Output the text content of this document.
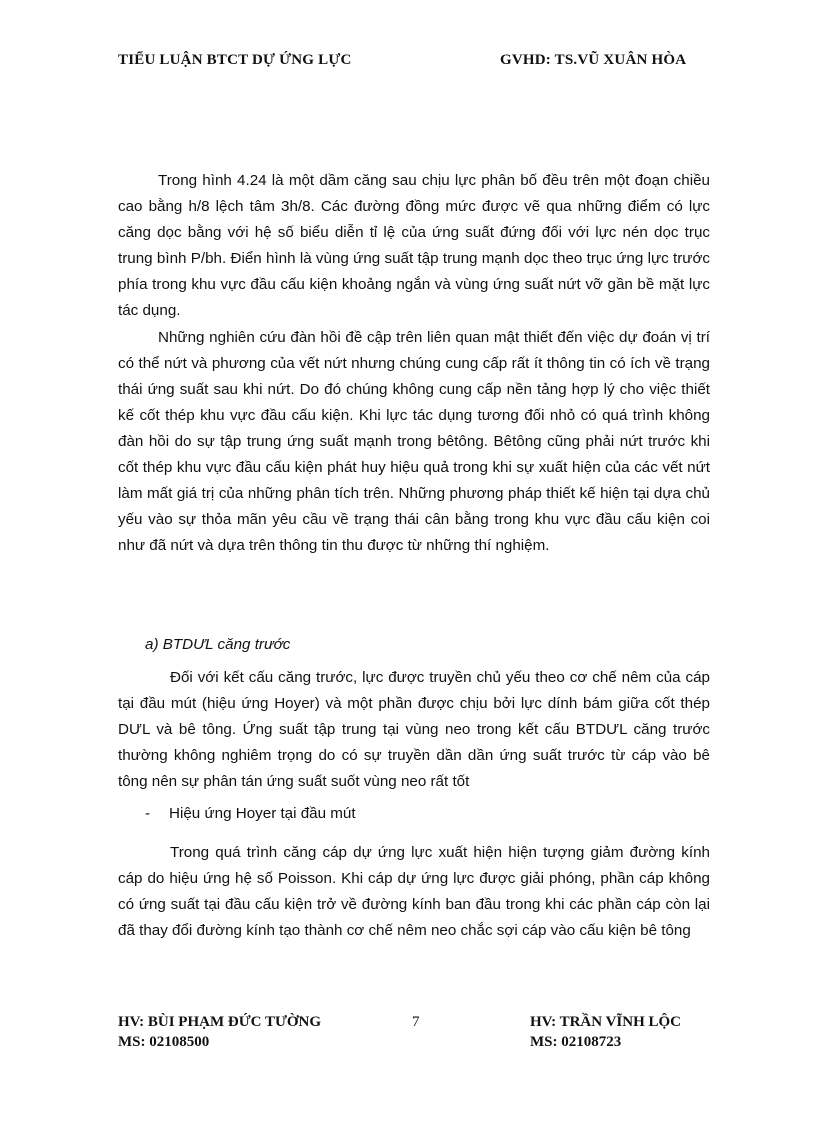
TIỂU LUẬN BTCT DỰ ỨNG LỰC	GVHD: TS.VŨ XUÂN HÒA
Trong hình 4.24 là một dầm căng sau chịu lực phân bố đều trên một đoạn chiều cao bằng h/8 lệch tâm 3h/8. Các đường đồng mức được vẽ qua những điểm có lực căng dọc bằng với hệ số biểu diễn tỉ lệ của ứng suất đứng đối với lực nén dọc trục trung bình P/bh. Điển hình là vùng ứng suất tập trung mạnh dọc theo trục ứng lực trước phía trong khu vực đầu cấu kiện khoảng ngắn và vùng ứng suất nứt vỡ gần bề mặt lực tác dụng.
Những nghiên cứu đàn hồi đề cập trên liên quan mật thiết đến việc dự đoán vị trí có thể nứt và phương của vết nứt nhưng chúng cung cấp rất ít thông tin có ích về trạng thái ứng suất sau khi nứt. Do đó chúng không cung cấp nền tảng hợp lý cho việc thiết kế cốt thép khu vực đầu cấu kiện. Khi lực tác dụng tương đối nhỏ có quá trình không đàn hồi do sự tập trung ứng suất mạnh trong bêtông. Bêtông cũng phải nứt trước khi cốt thép khu vực đầu cấu kiện phát huy hiệu quả trong khi sự xuất hiện của các vết nứt làm mất giá trị của những phân tích trên. Những phương pháp thiết kế hiện tại dựa chủ yếu vào sự thỏa mãn yêu cầu về trạng thái cân bằng trong khu vực đầu cấu kiện coi như đã nứt và dựa trên thông tin thu được từ những thí nghiệm.
a) BTDƯL căng trước
Đối với kết cấu căng trước, lực được truyền chủ yếu theo cơ chế nêm của cáp tại đầu mút (hiệu ứng Hoyer) và một phần được chịu bởi lực dính bám giữa cốt thép DƯL và bê tông. Ứng suất tập trung tại vùng neo trong kết cấu BTDƯL căng trước thường không nghiêm trọng do có sự truyền dần dần ứng suất trước từ cáp vào bê tông nên sự phân tán ứng suất suốt vùng neo rất tốt
- Hiệu ứng Hoyer tại đầu mút
Trong quá trình căng cáp dự ứng lực xuất hiện hiện tượng giảm đường kính cáp do hiệu ứng hệ số Poisson. Khi cáp dự ứng lực được giải phóng, phần cáp không có ứng suất tại đầu cấu kiện trở về đường kính ban đầu trong khi các phần cáp còn lại đã thay đổi đường kính tạo thành cơ chế nêm neo chắc sợi cáp vào cấu kiện bê tông
HV: BÙI PHẠM ĐỨC TƯỜNG
MS: 02108500
7	HV: TRẦN VĨNH LỘC
MS: 02108723
